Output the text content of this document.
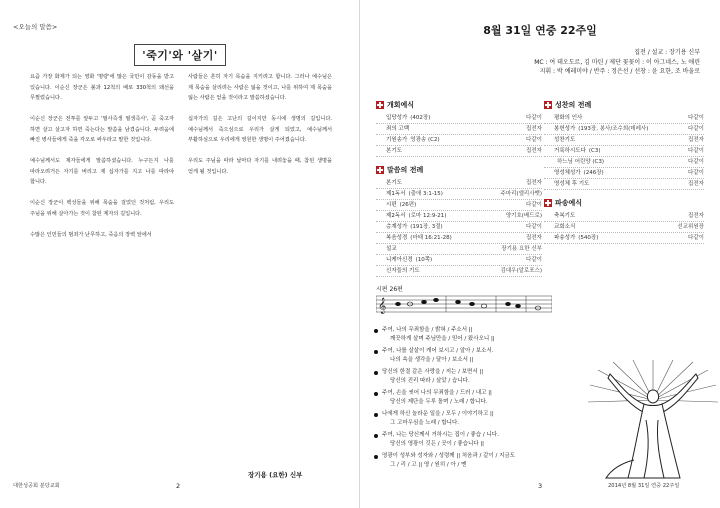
<오늘의 말씀>
'죽기'와 '살기'

요즘 가장 화제가 되는 영화 '명량'에 많은 국민이 감동을 받고 있습니다. 이순신 장군은 불과 12척의 배로 330척의 왜선을 무찔렀습니다.

이순신 장군은 전투를 앞두고 '필사즉생 필생즉사', 곧 죽고자 하면 살고 살고자 하면 죽는다는 말씀을 남겼습니다. 두려움에 빠진 병사들에게 죽을 각오로 싸우라고 말한 것입니다.

예수님께서도 제자들에게 말씀하셨습니다. 누구든지 나를 따라오려거든 자기를 버리고 제 십자가를 지고 나를 따라야 합니다.

이순신 장군이 백성들을 위해 목숨을 걸었던 것처럼, 우리도 주님을 위해 살아가는 것이 참된 제자의 길입니다.

수많은 인민들의 범죄가 난무하고, 죽음의 장벽 앞에서

사람들은 흔히 자기 목숨을 지키려고 합니다. 그러나 예수님은 제 목숨을 살리려는 사람은 잃을 것이고, 나를 위하여 제 목숨을 잃는 사람은 얻을 것이라고 말씀하셨습니다.

십자가의 길은 고난의 길이지만 동시에 생명의 길입니다. 예수님께서 죽으심으로 우리가 살게 되었고, 예수님께서 부활하심으로 우리에게 영원한 생명이 주어졌습니다.

우리도 주님을 따라 날마다 자기를 내려놓을 때, 참된 생명을 얻게 될 것입니다.

장기용 (요한) 신부
대한성공회 분당교회	2
8월 31일 연중 22주일
집전 / 설교 : 장기용 신부
MC : 여 데오도르, 김 마틴 / 제단 꽃꽂이 : 이 아그네스, 노 애린
지휘 : 박 예레미야 / 반주 : 정은선 / 선창 : 윤 요한, 조 바울로
개회예식
입당성가 (402장)	다같이
죄의 고백	집전자
기원송가 영광송 (C2)	다같이
본기도	집전자
말씀의 전례
본기도	집전자
제1독서 (출애 3:1-15)	주마리(엘리사벳)
시편 (26편)	다같이
제2독서 (로마 12:9-21)	양기호(베드로)
층계성가 (191장, 3절)	다같이
복음성경 (마태 16:21-28)	집전자
설교	장기용 요한 신부
니케아신경 (10쪽)	다같이
신자들의 기도	김대우(알로포스)
성찬의 전례
평화의 인사	다같이
봉헌성가 (193장, 봉사/조수희(데레사)	다같이
성찬기도	집전자
거룩하시도다 (C3)	다같이
하느님 어린양 (C3)	다같이
영성체성가 (246장)	다같이
영성체 후 기도	집전자
파송예식
축복기도	집전자
교회소식	선교위원장
파송성가 (540장)	다같이
시편 26편
𝄞
주여, 나의 무죄함을 / 밝혀 / 주소서 ||
깨끗하게 살며 주님만을 / 믿어 / 왔사오니 ||
주여, 나를 살살이 캐어 보시고 / 알아 / 보소서.
나의 속을 생각을 / 달아 / 보소서 ||
당신의 한결 같은 사랑을 / 저는 / 보면서 ||
당신의 진리 따라 / 살았 / 습니다.
주여, 손을 씻어 나의 무죄함을 / 드러 / 내고 ||
당신의 제단을 두루 돌며 / 노래 / 합니다.
나에게 하신 놀라운 일을 / 모두 / 이야기하고 ||
그 고마우심을 노래 / 합니다.
주여, 나는 당신께서 거하시는 집이 / 좋습 / 니다.
당신의 영광이 깃든 / 곳이 / 좋습니다 ||
영광이 성부와 성자와 / 성령께 || 처음과 / 같이 / 지금도
그 / 리 / 고 || 영 / 원히 / 아 / 멘
2014년 8월 31일 연중 22주일
3
